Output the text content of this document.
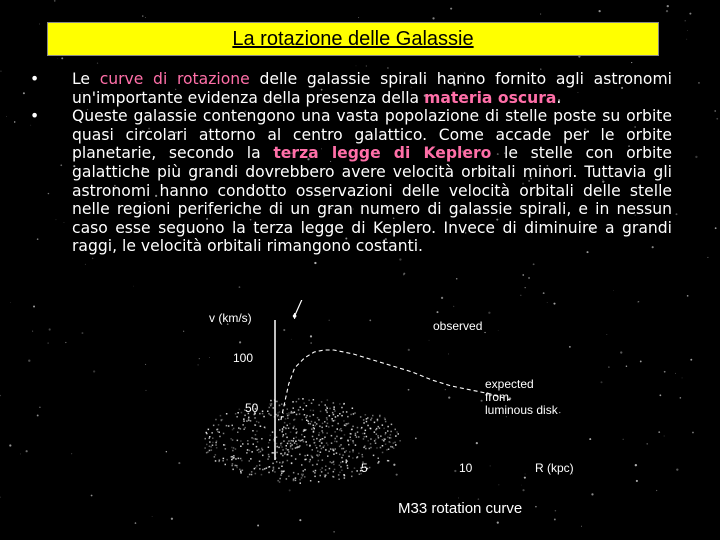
La rotazione delle Galassie
•	Le curve di rotazione delle galassie spirali hanno fornito agli astronomi un'importante evidenza della presenza della materia oscura.

•	Queste galassie contengono una vasta popolazione di stelle poste su orbite quasi circolari attorno al centro galattico. Come accade per le orbite planetarie, secondo la terza legge di Keplero le stelle con orbite galattiche più grandi dovrebbero avere velocità orbitali minori. Tuttavia gli astronomi hanno condotto osservazioni delle velocità orbitali delle stelle nelle regioni periferiche di un gran numero di galassie spirali, e in nessun caso esse seguono la terza legge di Keplero. Invece di diminuire a grandi raggi, le velocità orbitali rimangono costanti.

v (km/s)
100
50
5	10	R (kpc)
observed
expected
from
luminous disk
M33 rotation curve
